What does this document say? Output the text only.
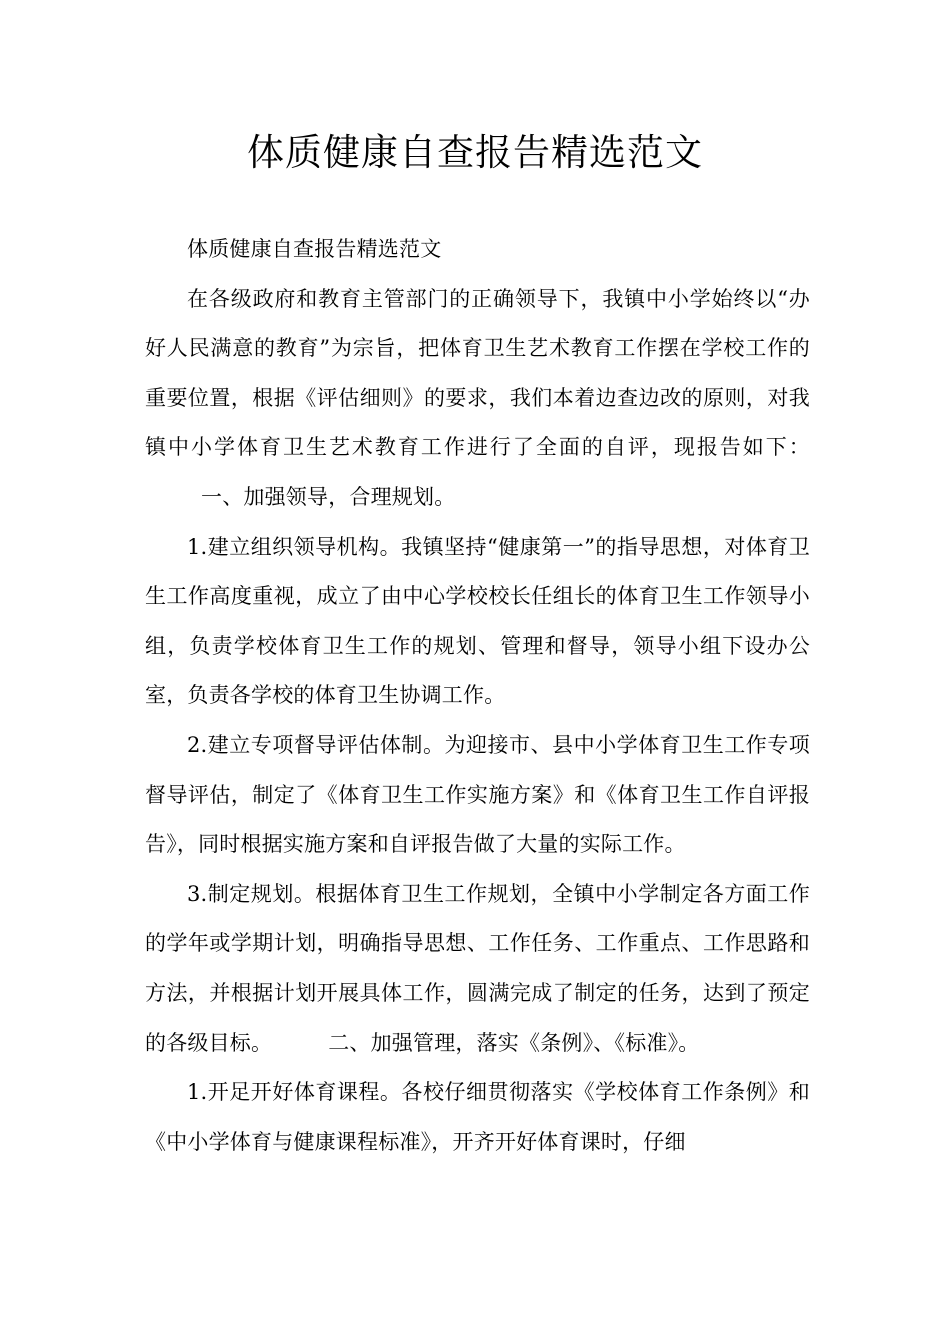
体质健康自查报告精选范文

体质健康自查报告精选范文

在各级政府和教育主管部门的正确领导下，我镇中小学始终以“办好人民满意的教育”为宗旨，把体育卫生艺术教育工作摆在学校工作的重要位置，根据《评估细则》的要求，我们本着边查边改的原则，对我镇中小学体育卫生艺术教育工作进行了全面的自评，现报告如下：一、加强领导，合理规划。

1.建立组织领导机构。我镇坚持“健康第一”的指导思想，对体育卫生工作高度重视，成立了由中心学校校长任组长的体育卫生工作领导小组，负责学校体育卫生工作的规划、管理和督导，领导小组下设办公室，负责各学校的体育卫生协调工作。

2.建立专项督导评估体制。为迎接市、县中小学体育卫生工作专项督导评估，制定了《体育卫生工作实施方案》和《体育卫生工作自评报告》，同时根据实施方案和自评报告做了大量的实际工作。

3.制定规划。根据体育卫生工作规划，全镇中小学制定各方面工作的学年或学期计划，明确指导思想、工作任务、工作重点、工作思路和方法，并根据计划开展具体工作，圆满完成了制定的任务，达到了预定的各级目标。	二、加强管理，落实《条例》、《标准》。

1.开足开好体育课程。各校仔细贯彻落实《学校体育工作条例》和《中小学体育与健康课程标准》，开齐开好体育课时，仔细
